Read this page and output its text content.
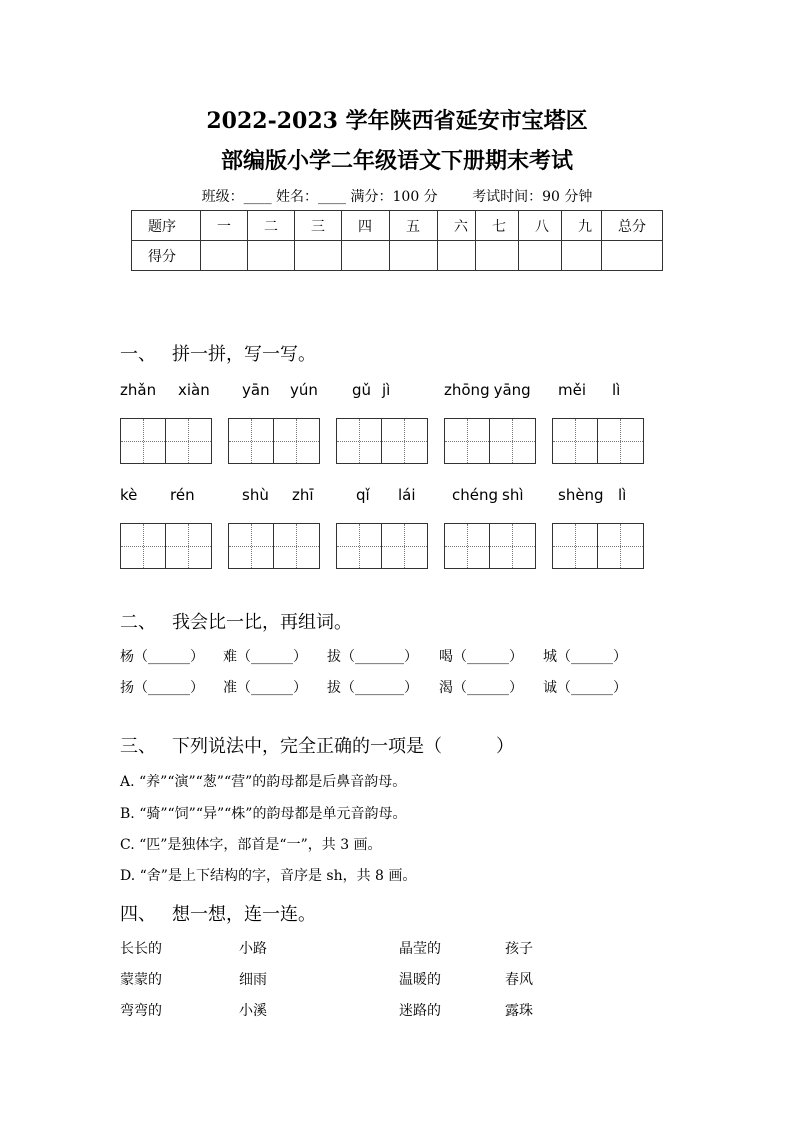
2022-2023 学年陕西省延安市宝塔区
部编版小学二年级语文下册期末考试
班级：____ 姓名：____ 满分：100 分 考试时间：90 分钟
题序	一	二	三	四	五	六	七	八	九	总分
得分										
一、 拼一拼，写一写。
zhǎn xiàn yān yún gǔ jì	zhōng yāng měi lì
kè rén	shù zhī	qǐ lái chéng shì shèng lì
二、 我会比一比，再组词。
杨（______） 难（______） 拔（_______） 喝（______） 城（______）
扬（______） 准（______） 拔（_______） 渴（______） 诚（______）
三、 下列说法中，完全正确的一项是（　　　）
A. “养”“演”“葱”“营”的韵母都是后鼻音韵母。
B. “骑”“饲”“异”“株”的韵母都是单元音韵母。
C. “匹”是独体字，部首是“一”，共 3 画。
D. “舍”是上下结构的字，音序是 sh，共 8 画。
四、 想一想，连一连。
长长的	小路	晶莹的	孩子
蒙蒙的	细雨	温暖的	春风
弯弯的	小溪	迷路的	露珠
